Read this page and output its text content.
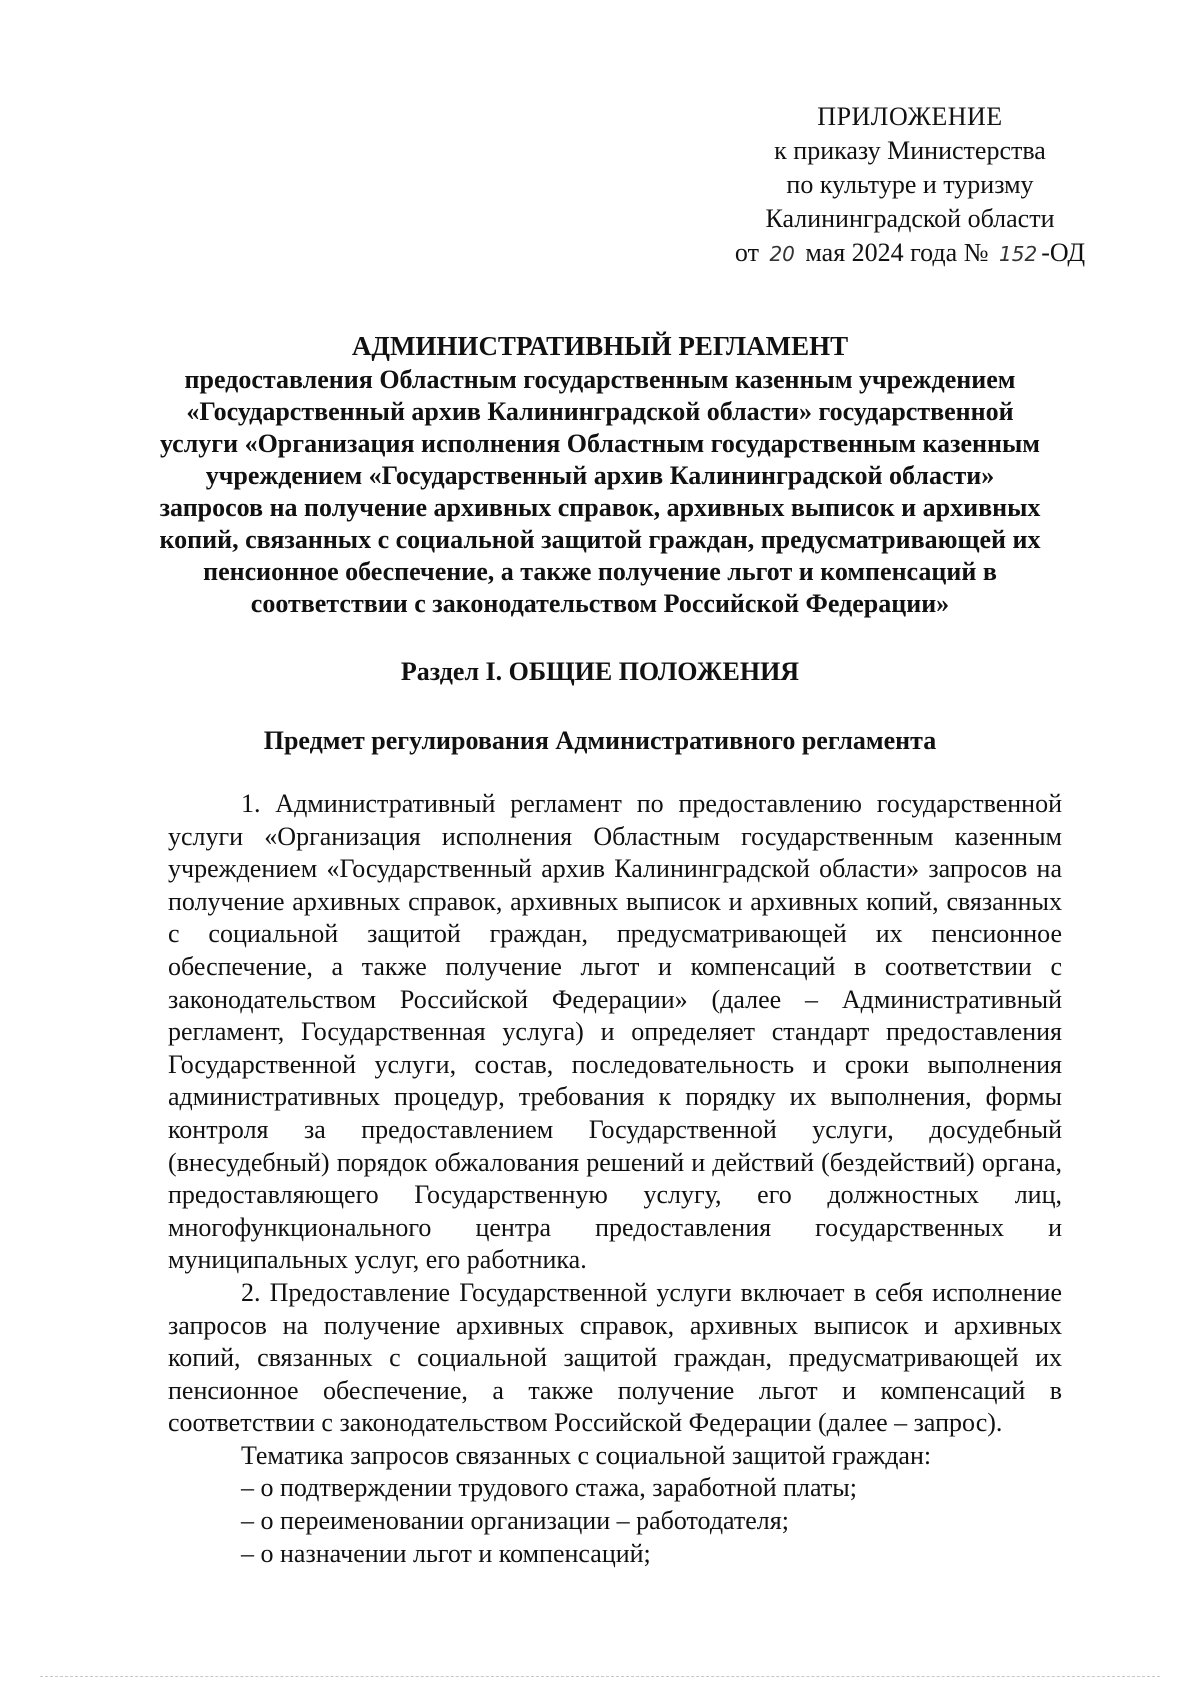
ПРИЛОЖЕНИЕ
к приказу Министерства
по культуре и туризму
Калининградской области
от 20 мая 2024 года № 152 -ОД
АДМИНИСТРАТИВНЫЙ РЕГЛАМЕНТ
предоставления Областным государственным казенным учреждением
«Государственный архив Калининградской области» государственной
услуги «Организация исполнения Областным государственным казенным
учреждением «Государственный архив Калининградской области»
запросов на получение архивных справок, архивных выписок и архивных
копий, связанных с социальной защитой граждан, предусматривающей их
пенсионное обеспечение, а также получение льгот и компенсаций в
соответствии с законодательством Российской Федерации»
Раздел I. ОБЩИЕ ПОЛОЖЕНИЯ
Предмет регулирования Административного регламента

1. Административный регламент по предоставлению государственной услуги «Организация исполнения Областным государственным казенным учреждением «Государственный архив Калининградской области» запросов на получение архивных справок, архивных выписок и архивных копий, связанных с социальной защитой граждан, предусматривающей их пенсионное обеспечение, а также получение льгот и компенсаций в соответствии с законодательством Российской Федерации» (далее – Административный регламент, Государственная услуга) и определяет стандарт предоставления Государственной услуги, состав, последовательность и сроки выполнения административных процедур, требования к порядку их выполнения, формы контроля за предоставлением Государственной услуги, досудебный (внесудебный) порядок обжалования решений и действий (бездействий) органа, предоставляющего Государственную услугу, его должностных лиц, многофункционального центра предоставления государственных и муниципальных услуг, его работника.

2. Предоставление Государственной услуги включает в себя исполнение запросов на получение архивных справок, архивных выписок и архивных копий, связанных с социальной защитой граждан, предусматривающей их пенсионное обеспечение, а также получение льгот и компенсаций в соответствии с законодательством Российской Федерации (далее – запрос).

Тематика запросов связанных с социальной защитой граждан:

– о подтверждении трудового стажа, заработной платы;

– о переименовании организации – работодателя;

– о назначении льгот и компенсаций;
